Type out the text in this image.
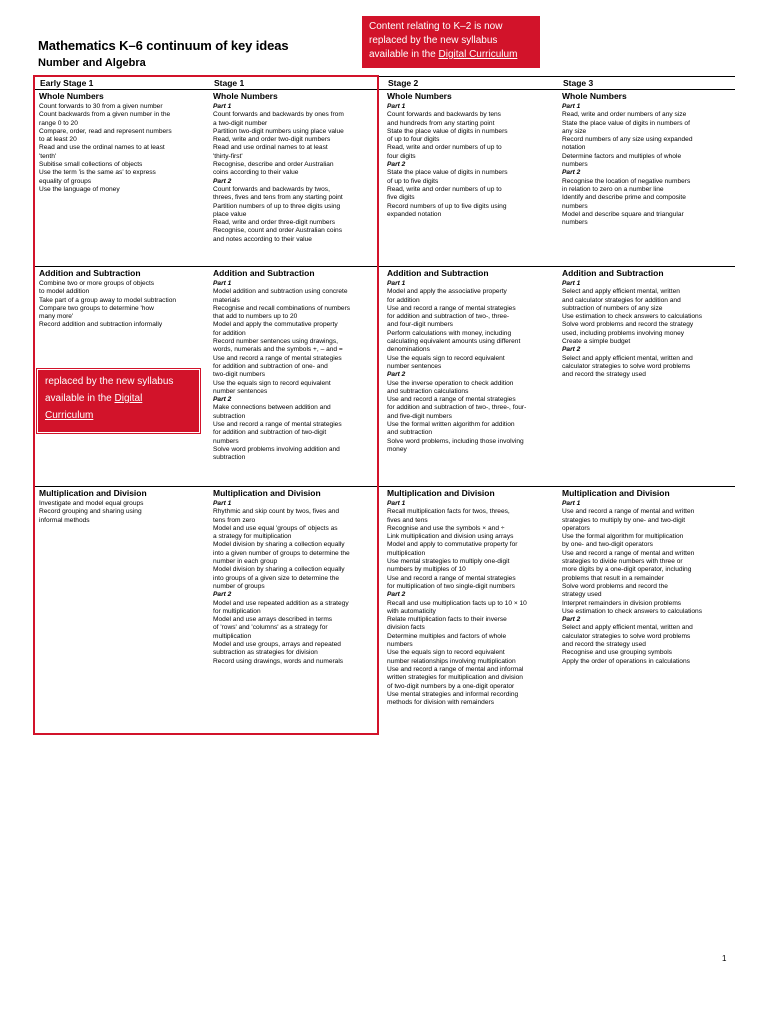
Mathematics K–6 continuum of key ideas
Number and Algebra
Content relating to K–2 is now replaced by the new syllabus available in the Digital Curriculum
Early Stage 1	Stage 1	Stage 2	Stage 3
Whole Numbers
Count forwards to 30 from a given number
Count backwards from a given number in the
range 0 to 20
Compare, order, read and represent numbers
to at least 20
Read and use the ordinal names to at least
'tenth'
Subitise small collections of objects
Use the term 'is the same as' to express
equality of groups
Use the language of money
Whole Numbers
Part 1
Count forwards and backwards by ones from
a two-digit number
Partition two-digit numbers using place value
Read, write and order two-digit numbers
Read and use ordinal names to at least
'thirty-first'
Recognise, describe and order Australian
coins according to their value
Part 2
Count forwards and backwards by twos,
threes, fives and tens from any starting point
Partition numbers of up to three digits using
place value
Read, write and order three-digit numbers
Recognise, count and order Australian coins
and notes according to their value
Whole Numbers
Part 1
Count forwards and backwards by tens
and hundreds from any starting point
State the place value of digits in numbers
of up to four digits
Read, write and order numbers of up to
four digits
Part 2
State the place value of digits in numbers
of up to five digits
Read, write and order numbers of up to
five digits
Record numbers of up to five digits using
expanded notation
Whole Numbers
Part 1
Read, write and order numbers of any size
State the place value of digits in numbers of
any size
Record numbers of any size using expanded
notation
Determine factors and multiples of whole
numbers
Part 2
Recognise the location of negative numbers
in relation to zero on a number line
Identify and describe prime and composite
numbers
Model and describe square and triangular
numbers
Addition and Subtraction
Combine two or more groups of objects
to model addition
Take part of a group away to model subtraction
Compare two groups to determine 'how
many more'
Record addition and subtraction informally
Addition and Subtraction
Part 1
Model addition and subtraction using concrete
materials
Recognise and recall combinations of numbers
that add to numbers up to 20
Model and apply the commutative property
for addition
Record number sentences using drawings,
words, numerals and the symbols +, – and =
Use and record a range of mental strategies
for addition and subtraction of one- and
two-digit numbers
Use the equals sign to record equivalent
number sentences
Part 2
Make connections between addition and
subtraction
Use and record a range of mental strategies
for addition and subtraction of two-digit
numbers
Solve word problems involving addition and
subtraction
Addition and Subtraction
Part 1
Model and apply the associative property
for addition
Use and record a range of mental strategies
for addition and subtraction of two-, three-
and four-digit numbers
Perform calculations with money, including
calculating equivalent amounts using different
denominations
Use the equals sign to record equivalent
number sentences
Part 2
Use the inverse operation to check addition
and subtraction calculations
Use and record a range of mental strategies
for addition and subtraction of two-, three-, four-
and five-digit numbers
Use the formal written algorithm for addition
and subtraction
Solve word problems, including those involving
money
Addition and Subtraction
Part 1
Select and apply efficient mental, written
and calculator strategies for addition and
subtraction of numbers of any size
Use estimation to check answers to calculations
Solve word problems and record the strategy
used, including problems involving money
Create a simple budget
Part 2
Select and apply efficient mental, written and
calculator strategies to solve word problems
and record the strategy used
Multiplication and Division
Investigate and model equal groups
Record grouping and sharing using
informal methods
Multiplication and Division
Part 1
Rhythmic and skip count by twos, fives and
tens from zero
Model and use equal 'groups of' objects as
a strategy for multiplication
Model division by sharing a collection equally
into a given number of groups to determine the
number in each group
Model division by sharing a collection equally
into groups of a given size to determine the
number of groups
Part 2
Model and use repeated addition as a strategy
for multiplication
Model and use arrays described in terms
of 'rows' and 'columns' as a strategy for
multiplication
Model and use groups, arrays and repeated
subtraction as strategies for division
Record using drawings, words and numerals
Multiplication and Division
Part 1
Recall multiplication facts for twos, threes,
fives and tens
Recognise and use the symbols × and ÷
Link multiplication and division using arrays
Model and apply to commutative property for
multiplication
Use mental strategies to multiply one-digit
numbers by multiples of 10
Use and record a range of mental strategies
for multiplication of two single-digit numbers
Part 2
Recall and use multiplication facts up to 10 × 10
with automaticity
Relate multiplication facts to their inverse
division facts
Determine multiples and factors of whole
numbers
Use the equals sign to record equivalent
number relationships involving multiplication
Use and record a range of mental and informal
written strategies for multiplication and division
of two-digit numbers by a one-digit operator
Use mental strategies and informal recording
methods for division with remainders
Multiplication and Division
Part 1
Use and record a range of mental and written
strategies to multiply by one- and two-digit
operators
Use the formal algorithm for multiplication
by one- and two-digit operators
Use and record a range of mental and written
strategies to divide numbers with three or
more digits by a one-digit operator, including
problems that result in a remainder
Solve word problems and record the
strategy used
Interpret remainders in division problems
Use estimation to check answers to calculations
Part 2
Select and apply efficient mental, written and
calculator strategies to solve word problems
and record the strategy used
Recognise and use grouping symbols
Apply the order of operations in calculations
replaced by the new syllabus available in the Digital Curriculum
1
